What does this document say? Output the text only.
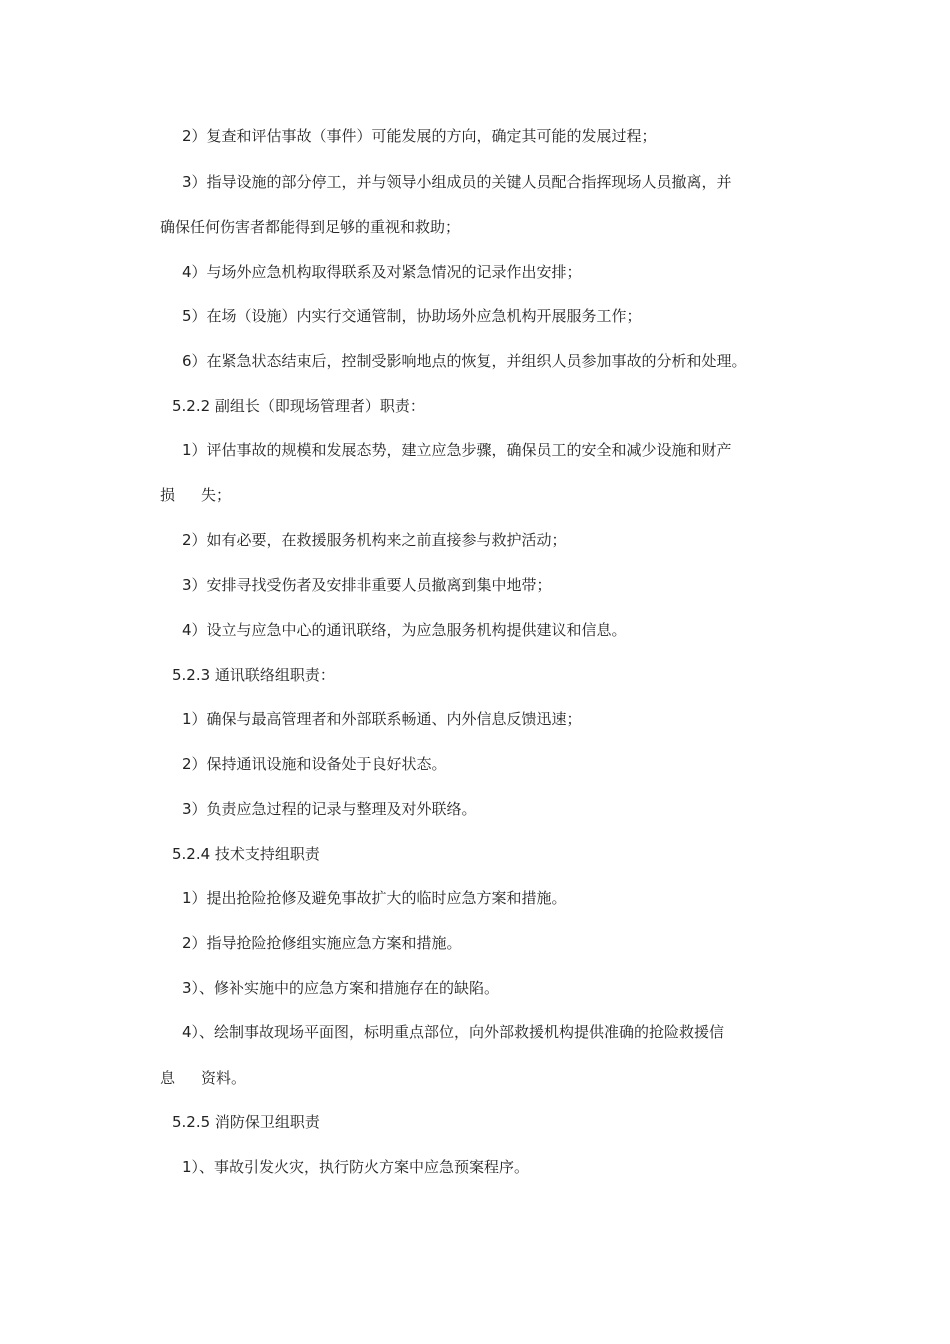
2）复查和评估事故（事件）可能发展的方向，确定其可能的发展过程；
3）指导设施的部分停工，并与领导小组成员的关键人员配合指挥现场人员撤离，并
确保任何伤害者都能得到足够的重视和救助；
4）与场外应急机构取得联系及对紧急情况的记录作出安排；
5）在场（设施）内实行交通管制，协助场外应急机构开展服务工作；
6）在紧急状态结束后，控制受影响地点的恢复，并组织人员参加事故的分析和处理。
5.2.2 副组长（即现场管理者）职责：
1）评估事故的规模和发展态势，建立应急步骤，确保员工的安全和减少设施和财产
损 失；
2）如有必要，在救援服务机构来之前直接参与救护活动；
3）安排寻找受伤者及安排非重要人员撤离到集中地带；
4）设立与应急中心的通讯联络，为应急服务机构提供建议和信息。
5.2.3 通讯联络组职责：
1）确保与最高管理者和外部联系畅通、内外信息反馈迅速；
2）保持通讯设施和设备处于良好状态。
3）负责应急过程的记录与整理及对外联络。
5.2.4 技术支持组职责
1）提出抢险抢修及避免事故扩大的临时应急方案和措施。
2）指导抢险抢修组实施应急方案和措施。
3）、修补实施中的应急方案和措施存在的缺陷。
4）、绘制事故现场平面图，标明重点部位，向外部救援机构提供准确的抢险救援信
息 资料。
5.2.5 消防保卫组职责
1）、事故引发火灾，执行防火方案中应急预案程序。
